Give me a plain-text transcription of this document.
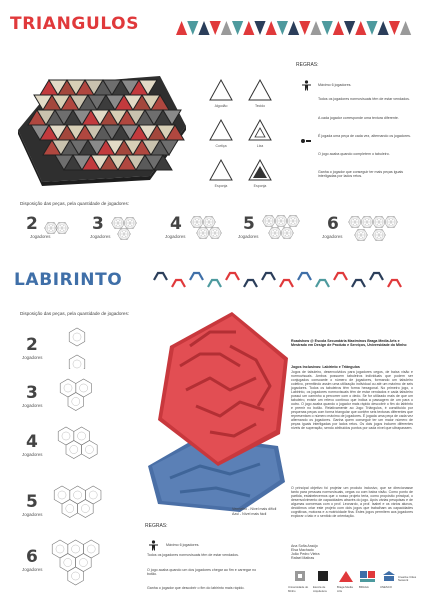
TRIANGULOS
Algodão	Tecido
Cortiça	Lixa
Esponja	Esponja
REGRAS:
Máximo 6 jogadores.
Todos os jogadores normovisuais têm de estar vendados.
A cada jogador corresponde uma textura diferente.
É jogada uma peça de cada vez, alternando os jogadores.
O jogo acaba quando completem o tabuleiro.
Ganha o jogador que conseguir ter mais peças iguais interligadas por lados retos.
Disposição das peças, pela quantidade de jogadores:
2
Jogadores
3
Jogadores
4
Jogadores
5
Jogadores
6
Jogadores
LABIRINTO
Disposição das peças, pela quantidade de jogadores:
2
Jogadores
3
Jogadores
4
Jogadores
5
Jogadores
6
Jogadores
Vermelho - Nível mais difícil
Azul - Nível mais fácil
REGRAS:
Máximo 6 jogadores.
Todos os jogadores normovisuais têm de estar vendados.
O jogo acaba quando um dos jogadores chegar ao fim e carregar no botão.
Ganha o jogador que descobrir o fim do labirinto mais rápido.
Roadshow @ Escola Secundária Maximinos Braga Media Arts e Mestrado em Design de Produto e Serviços, Universidade do Minho
Jogos Inclusivos: Labirinto e Triângulos
Jogos de tabuleiro, desenvolvidos para jogadores cegos, de baixa visão e normovisuais. Ambos possuem tabuleiros individuais que podem ser conjugados consoante o número de jogadores, formando um tabuleiro coletivo, permitindo assim uma utilização individual ou até um máximo de seis jogadores. Todos os tabuleiros têm forma hexagonal. No primeiro jogo, o Labirinto, os jogadores normovisuais têm de estar vendados e cada tabuleiro possui um caminho a percorrer com o dedo. Se for utilizado mais de que um tabuleiro, existe um relevo contínuo que indica a passagem de um para o outro. O jogo acaba quando o jogador mais rápido descobrir o fim do labirinto e premir no botão. Relativamente ao Jogo Triângulos, é constituído por pequenas peças com forma triangular que contêm seis texturas diferentes que representam o número máximo de jogadores. É jogada uma peça de cada vez alternando os jogadores. Ganha quem conseguir ter um maior número de peças iguais interligadas por lados retos. Os dois jogos incluem diferentes níveis de superação, sendo atribuídos pontos por cada nível que ultrapassem.
O principal objetivo foi projetar um produto inclusivo, que se direcionasse tanto para pessoas normovisuais, cegas ou com baixa visão. Como ponto de partida, estabelecemos que o nosso projeto teria, como propósito principal, o desenvolvimento de capacidades através do jogo. Após várias pesquisas e de algumas conversas com o prof. Leonardo, a prof. Isabel e os vários alunos, decidimos criar este projeto com dois jogos que trabalham as capacidades cognitivas, motoras e a motricidade fina. Estes jogos permitem aos jogadores explorar o tato e o sentido de orientação.
Ana Sofia Araújo
Elsa Machado
João Pedro Vieira
Rafael Matiras
Universidade do Minho
Escola de Arquitetura
Braga Media Arts
BRAGA	UNESCO
Creative Cities Network
